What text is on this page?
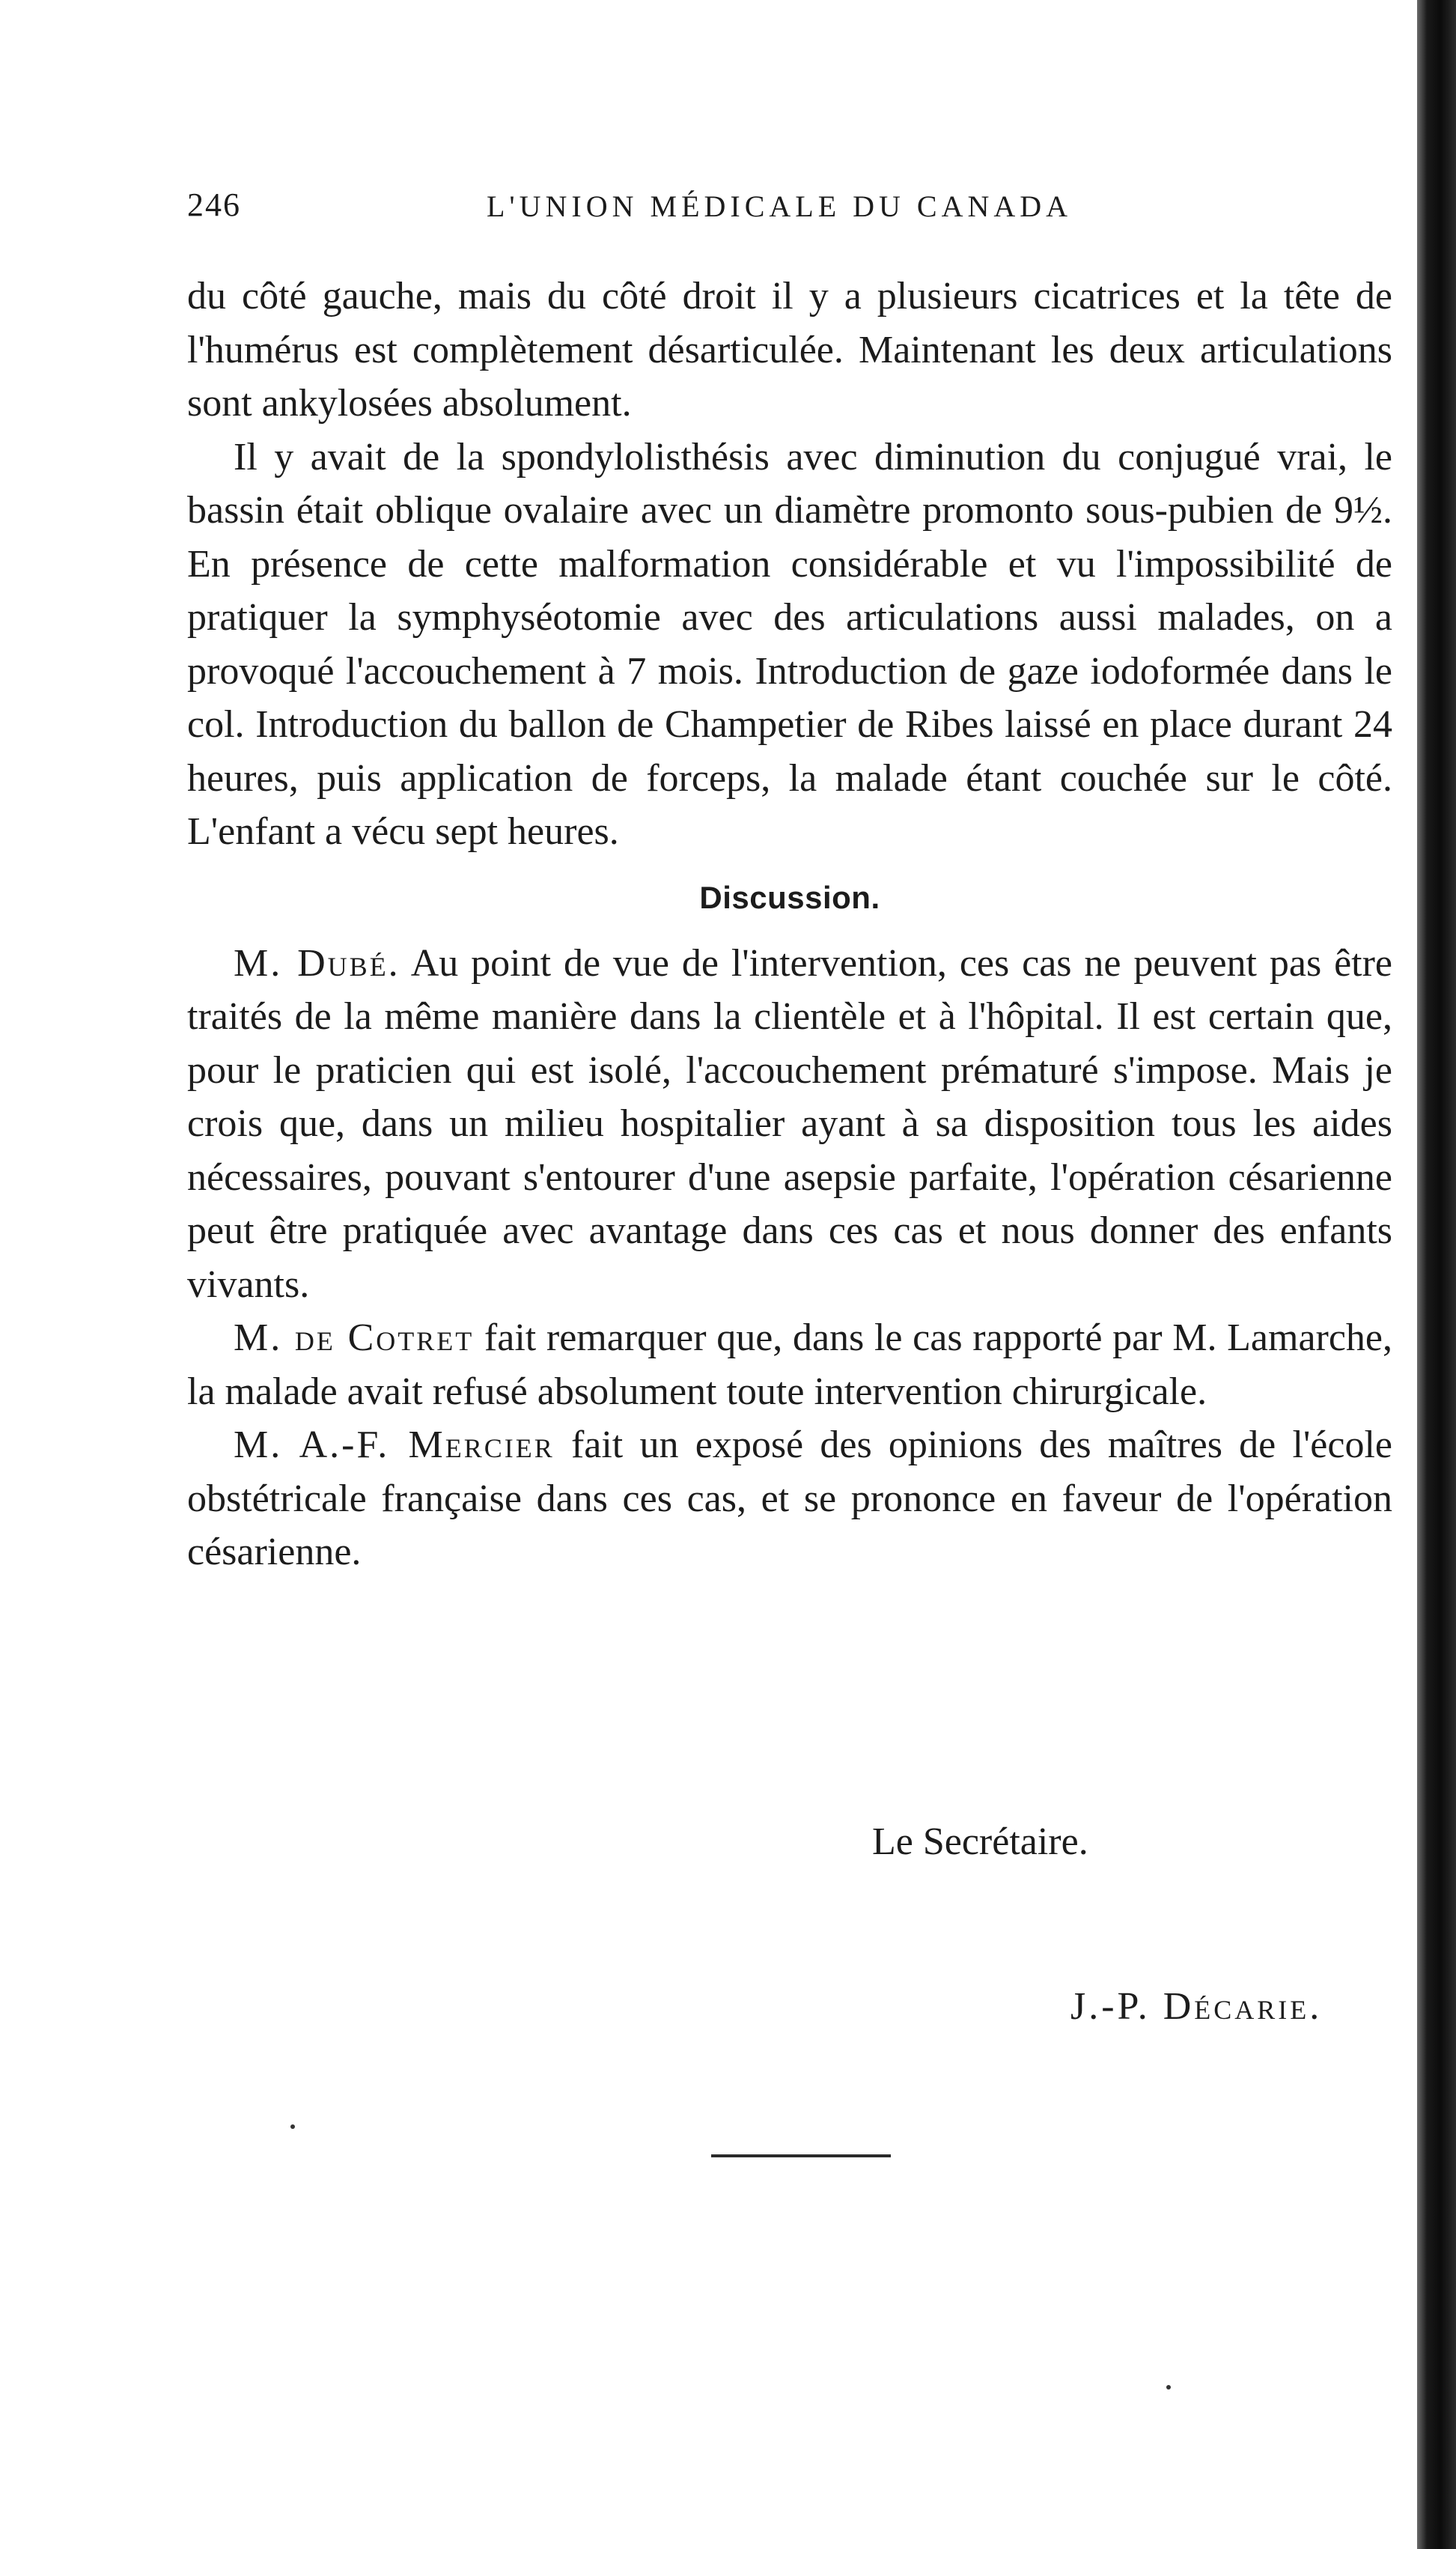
246	L'UNION MÉDICALE DU CANADA

du côté gauche, mais du côté droit il y a plusieurs cicatrices et la tête de l'humérus est complètement désarticulée. Maintenant les deux articulations sont ankylosées absolument.

Il y avait de la spondylolisthésis avec diminution du conjugué vrai, le bassin était oblique ovalaire avec un diamètre promonto sous-pubien de 9½. En présence de cette malformation considérable et vu l'impossibilité de pratiquer la symphyséotomie avec des articulations aussi malades, on a provoqué l'accouchement à 7 mois. Introduction de gaze iodoformée dans le col. Introduction du ballon de Champetier de Ribes laissé en place durant 24 heures, puis application de forceps, la malade étant couchée sur le côté. L'enfant a vécu sept heures.

Discussion.

M. Dubé. Au point de vue de l'intervention, ces cas ne peuvent pas être traités de la même manière dans la clientèle et à l'hôpital. Il est certain que, pour le praticien qui est isolé, l'accouchement prématuré s'impose. Mais je crois que, dans un milieu hospitalier ayant à sa disposition tous les aides nécessaires, pouvant s'entourer d'une asepsie parfaite, l'opération césarienne peut être pratiquée avec avantage dans ces cas et nous donner des enfants vivants.

M. de Cotret fait remarquer que, dans le cas rapporté par M. Lamarche, la malade avait refusé absolument toute intervention chirurgicale.

M. A.-F. Mercier fait un exposé des opinions des maîtres de l'école obstétricale française dans ces cas, et se prononce en faveur de l'opération césarienne.

Le Secrétaire.
J.-P. Décarie.
